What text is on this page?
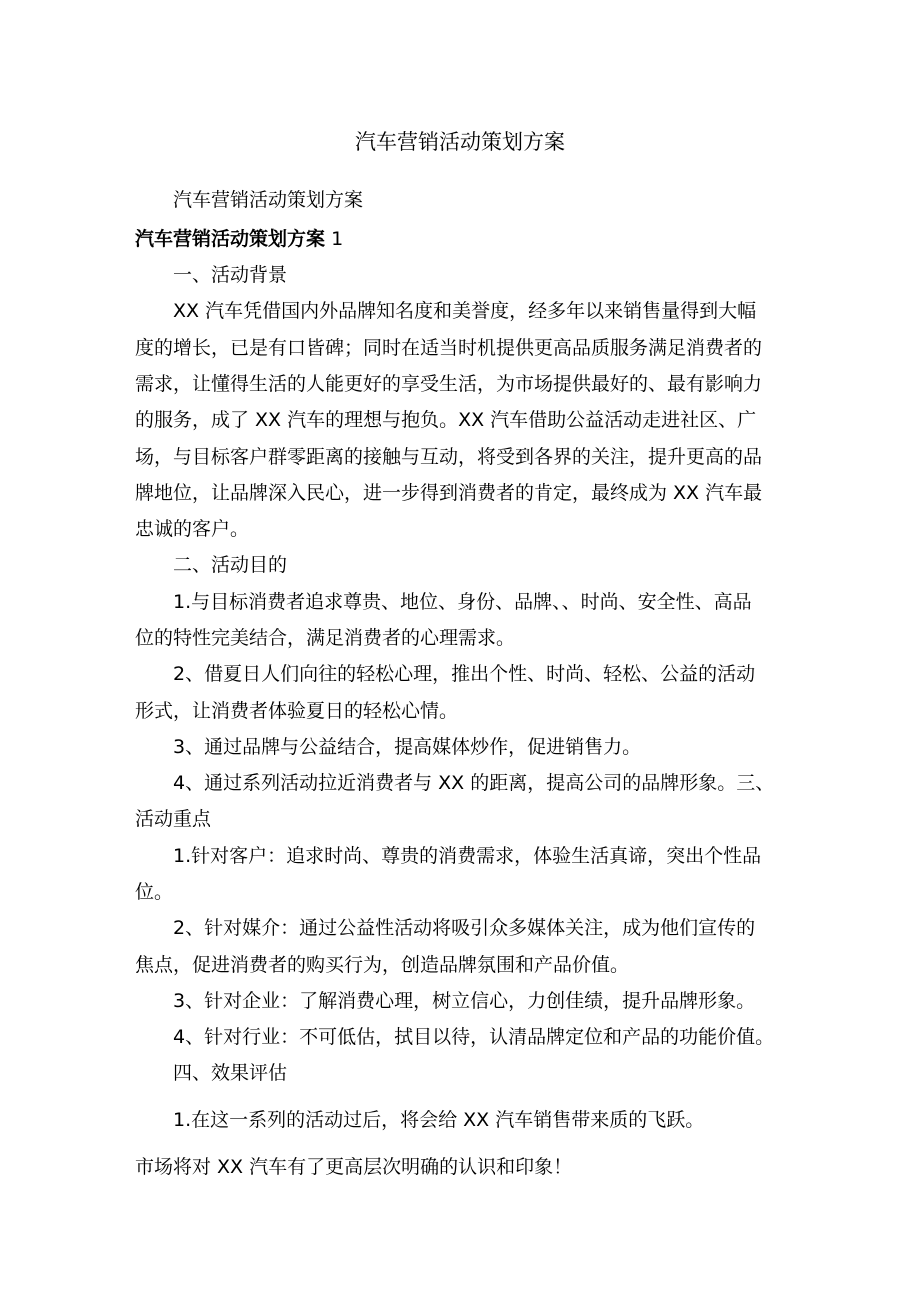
汽车营销活动策划方案
汽车营销活动策划方案
汽车营销活动策划方案 1
一、活动背景
XX 汽车凭借国内外品牌知名度和美誉度，经多年以来销售量得到大幅
度的增长，已是有口皆碑；同时在适当时机提供更高品质服务满足消费者的
需求，让懂得生活的人能更好的享受生活，为市场提供最好的、最有影响力
的服务，成了 XX 汽车的理想与抱负。XX 汽车借助公益活动走进社区、广
场，与目标客户群零距离的接触与互动，将受到各界的关注，提升更高的品
牌地位，让品牌深入民心，进一步得到消费者的肯定，最终成为 XX 汽车最
忠诚的客户。
二、活动目的
1.与目标消费者追求尊贵、地位、身份、品牌、、时尚、安全性、高品
位的特性完美结合，满足消费者的心理需求。
2、借夏日人们向往的轻松心理，推出个性、时尚、轻松、公益的活动
形式，让消费者体验夏日的轻松心情。
3、通过品牌与公益结合，提高媒体炒作，促进销售力。
4、通过系列活动拉近消费者与 XX 的距离，提高公司的品牌形象。三、
活动重点
1.针对客户：追求时尚、尊贵的消费需求，体验生活真谛，突出个性品
位。
2、针对媒介：通过公益性活动将吸引众多媒体关注，成为他们宣传的
焦点，促进消费者的购买行为，创造品牌氛围和产品价值。
3、针对企业：了解消费心理，树立信心，力创佳绩，提升品牌形象。
4、针对行业：不可低估，拭目以待，认清品牌定位和产品的功能价值。
四、效果评估
1.在这一系列的活动过后，将会给 XX 汽车销售带来质的飞跃。
市场将对 XX 汽车有了更高层次明确的认识和印象！
